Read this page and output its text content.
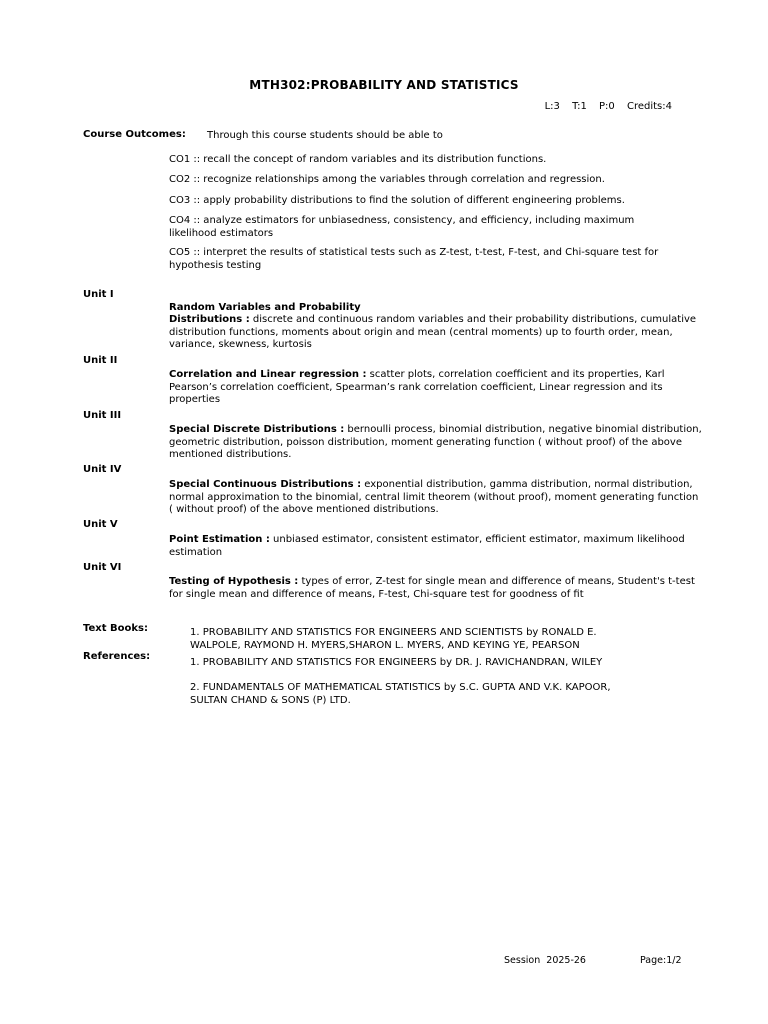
MTH302:PROBABILITY AND STATISTICS
L:3 T:1 P:0 Credits:4
Course Outcomes: Through this course students should be able to
CO1 :: recall the concept of random variables and its distribution functions.
CO2 :: recognize relationships among the variables through correlation and regression.
CO3 :: apply probability distributions to find the solution of different engineering problems.
CO4 :: analyze estimators for unbiasedness, consistency, and efficiency, including maximum likelihood estimators
CO5 :: interpret the results of statistical tests such as Z-test, t-test, F-test, and Chi-square test for hypothesis testing
Unit I
Random Variables and Probability
Distributions : discrete and continuous random variables and their probability distributions, cumulative distribution functions, moments about origin and mean (central moments) up to fourth order, mean, variance, skewness, kurtosis
Unit II
Correlation and Linear regression : scatter plots, correlation coefficient and its properties, Karl Pearson’s correlation coefficient, Spearman’s rank correlation coefficient, Linear regression and its properties
Unit III
Special Discrete Distributions : bernoulli process, binomial distribution, negative binomial distribution, geometric distribution, poisson distribution, moment generating function ( without proof) of the above mentioned distributions.
Unit IV
Special Continuous Distributions : exponential distribution, gamma distribution, normal distribution, normal approximation to the binomial, central limit theorem (without proof), moment generating function ( without proof) of the above mentioned distributions.
Unit V
Point Estimation : unbiased estimator, consistent estimator, efficient estimator, maximum likelihood estimation
Unit VI
Testing of Hypothesis : types of error, Z-test for single mean and difference of means, Student's t-test for single mean and difference of means, F-test, Chi-square test for goodness of fit
Text Books:	1. PROBABILITY AND STATISTICS FOR ENGINEERS AND SCIENTISTS by RONALD E. WALPOLE, RAYMOND H. MYERS,SHARON L. MYERS, AND KEYING YE, PEARSON
References:
1. PROBABILITY AND STATISTICS FOR ENGINEERS by DR. J. RAVICHANDRAN, WILEY
2. FUNDAMENTALS OF MATHEMATICAL STATISTICS by S.C. GUPTA AND V.K. KAPOOR, SULTAN CHAND & SONS (P) LTD.
Session  2025-26	Page:1/2
